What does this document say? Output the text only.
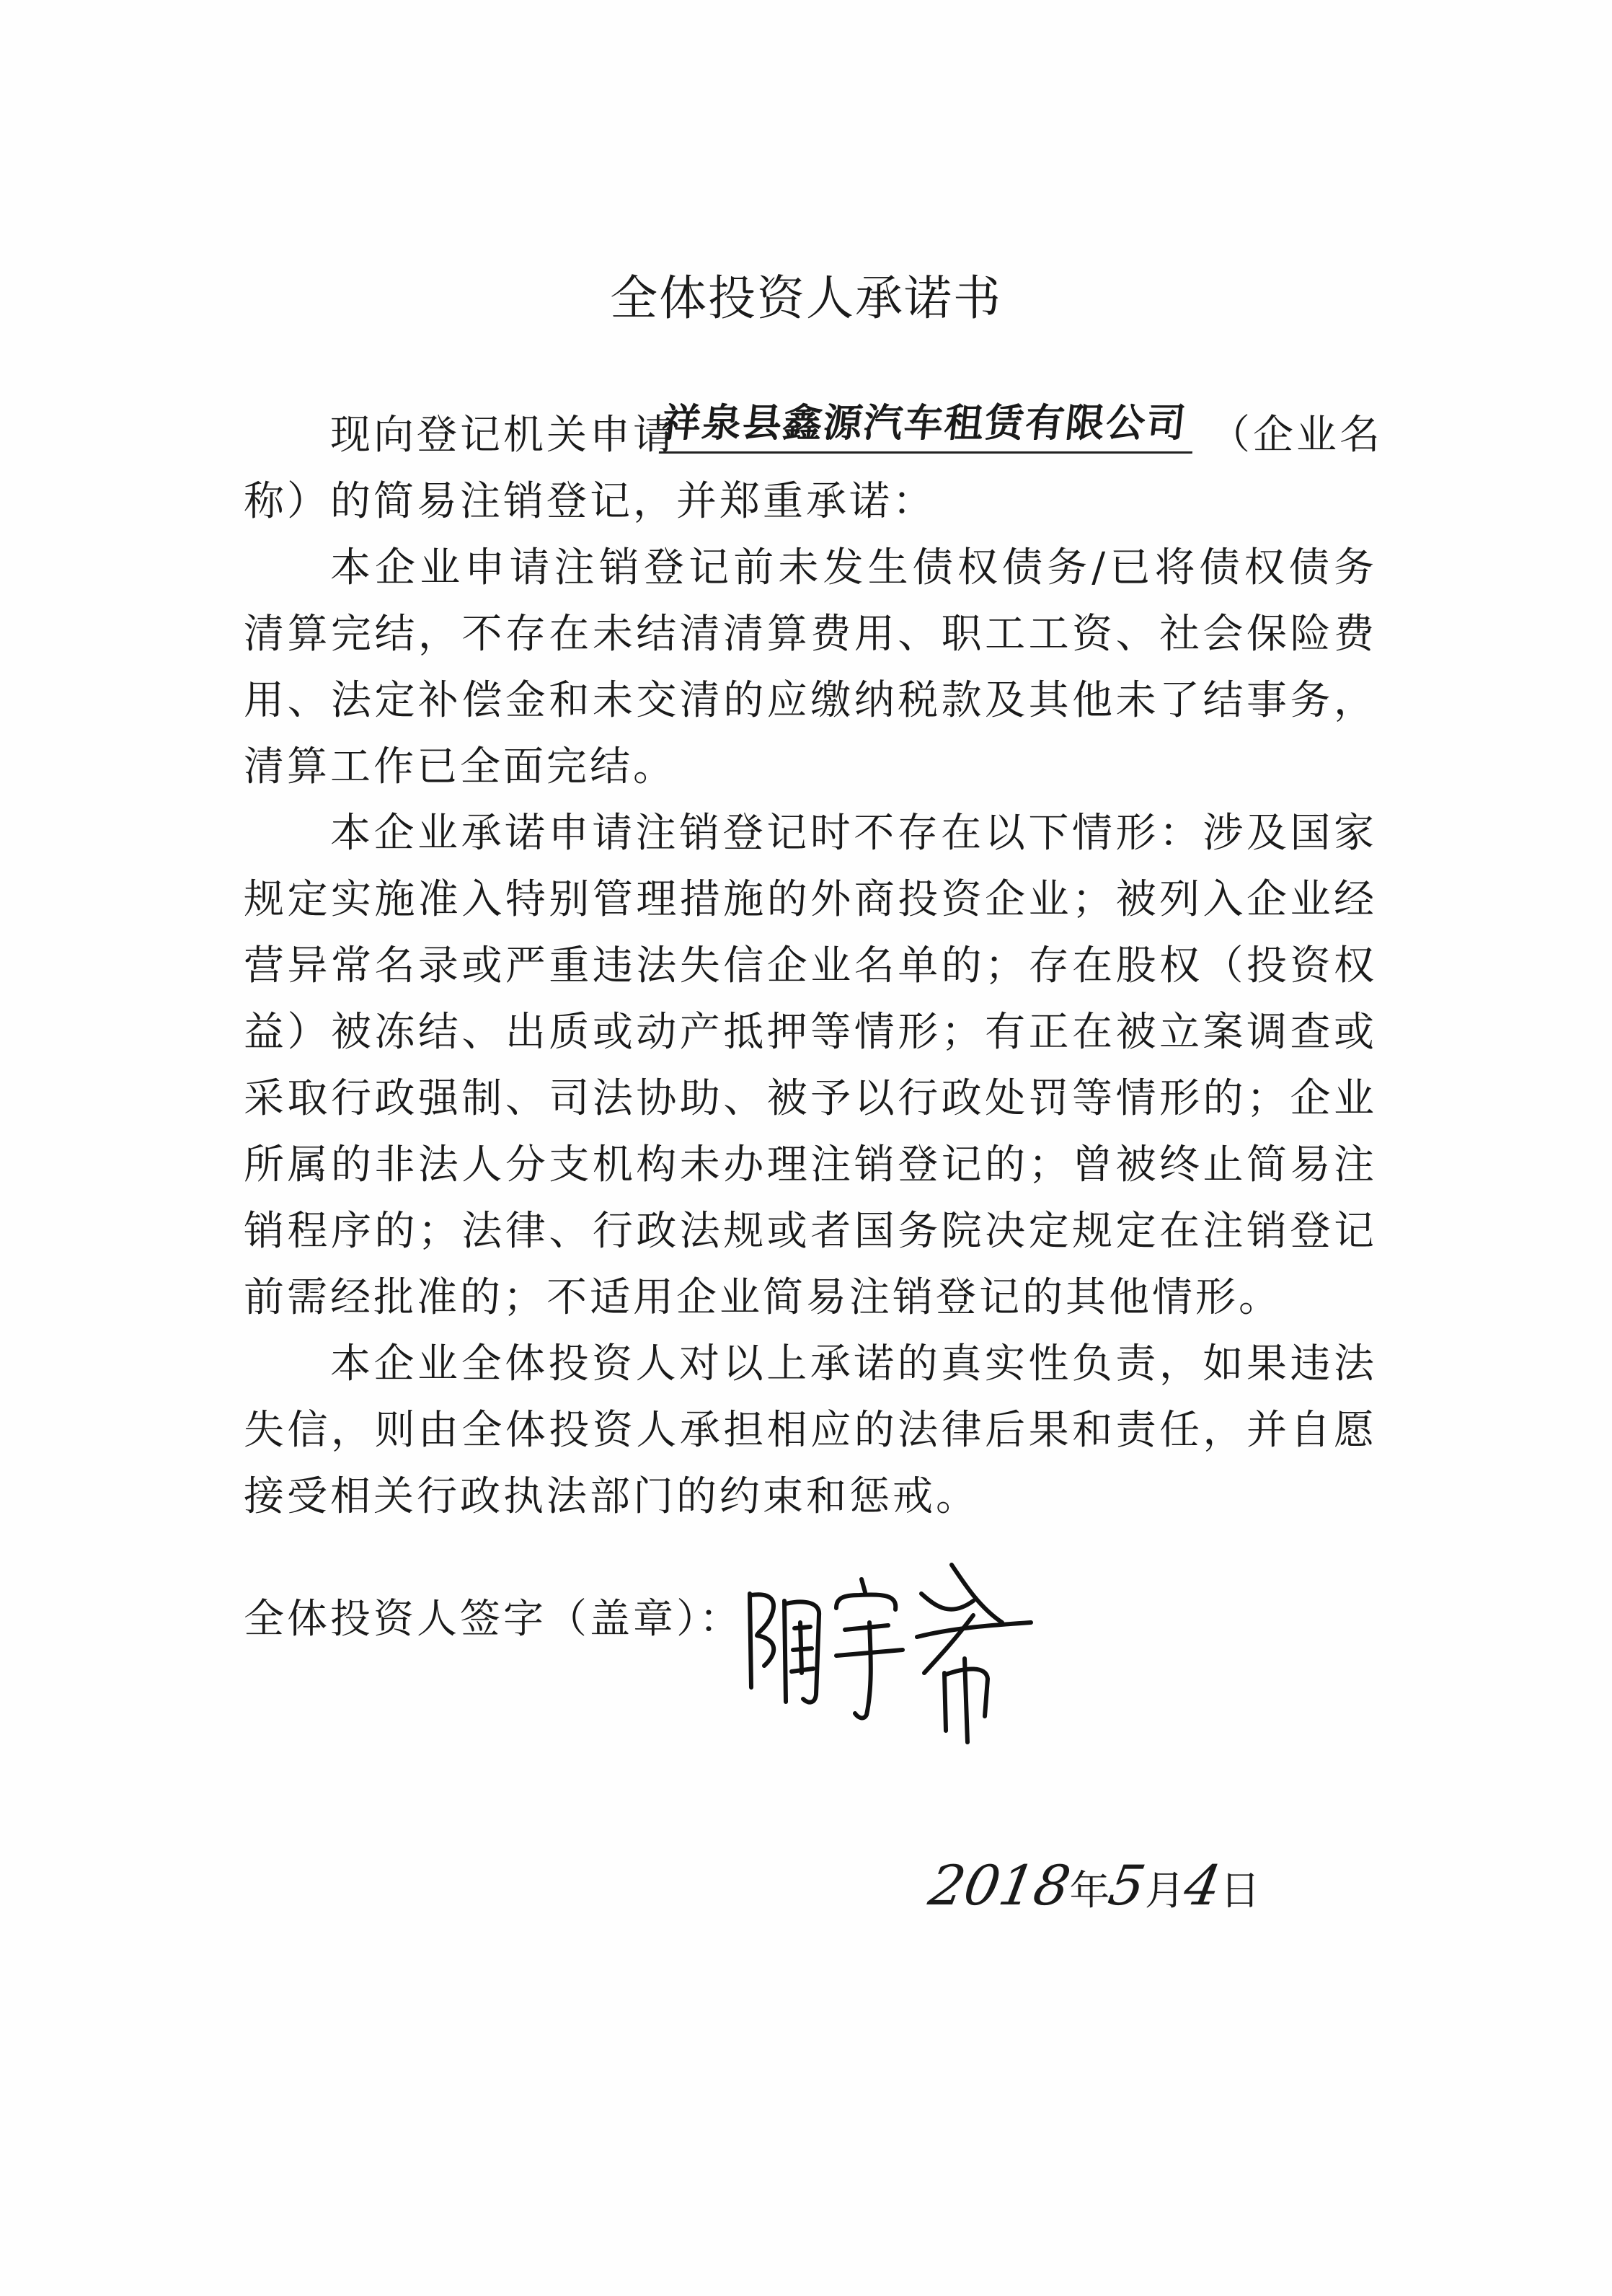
全体投资人承诺书
现向登记机关申请
祥泉县鑫源汽车租赁有限公司 （企业名
称）的简易注销登记，并郑重承诺：

本企业申请注销登记前未发生债权债务/已将债权债务清算完结，不存在未结清清算费用、职工工资、社会保险费用、法定补偿金和未交清的应缴纳税款及其他未了结事务，清算工作已全面完结。

本企业承诺申请注销登记时不存在以下情形：涉及国家规定实施准入特别管理措施的外商投资企业；被列入企业经营异常名录或严重违法失信企业名单的；存在股权（投资权益）被冻结、出质或动产抵押等情形；有正在被立案调查或采取行政强制、司法协助、被予以行政处罚等情形的；企业所属的非法人分支机构未办理注销登记的；曾被终止简易注销程序的；法律、行政法规或者国务院决定规定在注销登记前需经批准的；不适用企业简易注销登记的其他情形。

本企业全体投资人对以上承诺的真实性负责，如果违法失信，则由全体投资人承担相应的法律后果和责任，并自愿接受相关行政执法部门的约束和惩戒。

全体投资人签字（盖章）：
2018年5月4日
